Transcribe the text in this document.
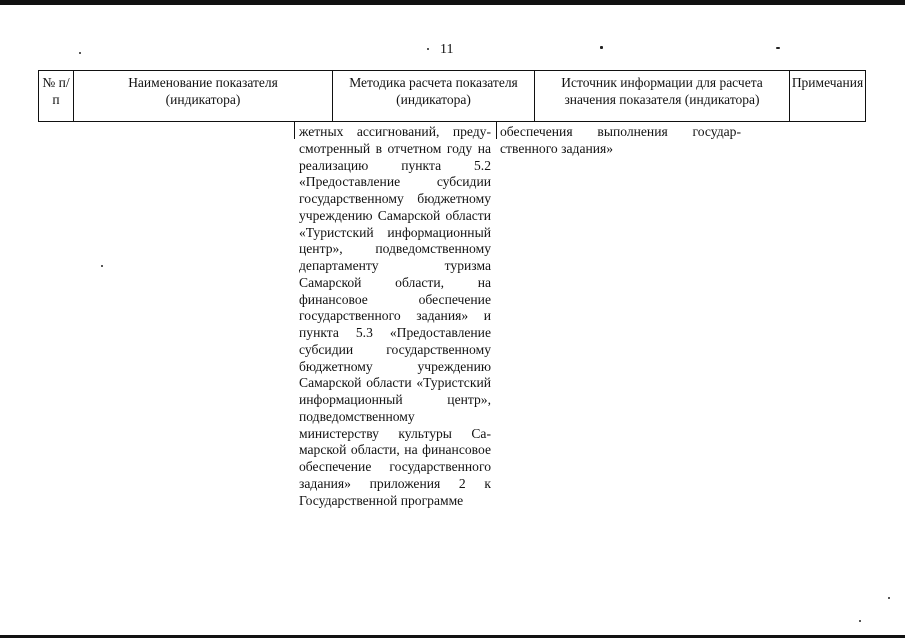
11
№ п/п
Наименование показателя (индикатора)
Методика расчета показателя (индикатора)
Источник информации для расчета значения показателя (индикатора)
Примечания
жетных ассигнований, предусмотренный в отчетном году на реализацию пункта 5.2 «Предоставление субсидии государственному бюджетному учреждению Самарской области «Туристский информационный центр», подведомственному департаменту туризма Самарской области, на финансовое обеспечение государственного задания» и пункта 5.3 «Предоставление субсидии государственному бюджетному учреждению Самарской области «Туристский информационный центр», подведомственному министерству культуры Самарской области, на финансовое обеспечение государственного задания» приложения 2 к Государственной программе
обеспечения выполнения государственного задания»
